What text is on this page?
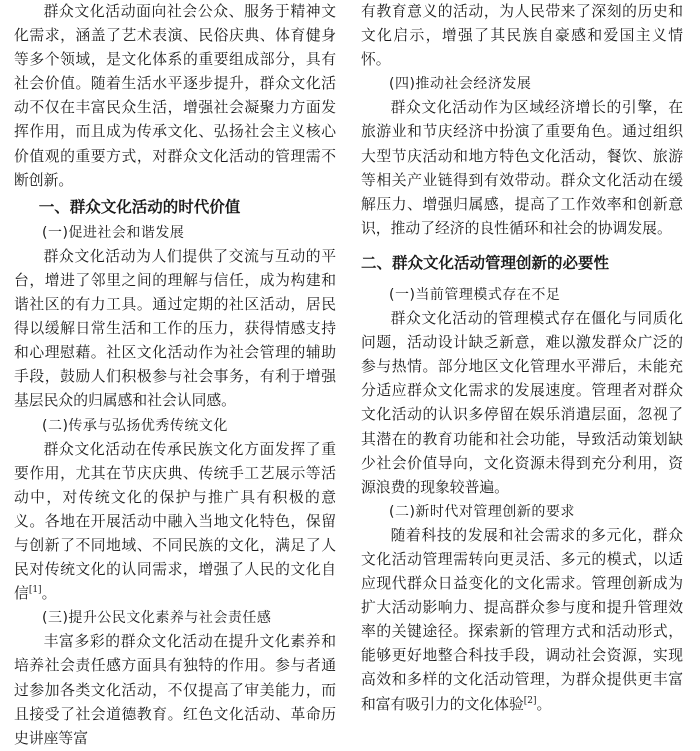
群众文化活动面向社会公众、服务于精神文化需求，涵盖了艺术表演、民俗庆典、体育健身等多个领域，是文化体系的重要组成部分，具有社会价值。随着生活水平逐步提升，群众文化活动不仅在丰富民众生活，增强社会凝聚力方面发挥作用，而且成为传承文化、弘扬社会主义核心价值观的重要方式，对群众文化活动的管理需不断创新。

一、群众文化活动的时代价值

(一)促进社会和谐发展

群众文化活动为人们提供了交流与互动的平台，增进了邻里之间的理解与信任，成为构建和谐社区的有力工具。通过定期的社区活动，居民得以缓解日常生活和工作的压力，获得情感支持和心理慰藉。社区文化活动作为社会管理的辅助手段，鼓励人们积极参与社会事务，有利于增强基层民众的归属感和社会认同感。

(二)传承与弘扬优秀传统文化

群众文化活动在传承民族文化方面发挥了重要作用，尤其在节庆庆典、传统手工艺展示等活动中，对传统文化的保护与推广具有积极的意义。各地在开展活动中融入当地文化特色，保留与创新了不同地域、不同民族的文化，满足了人民对传统文化的认同需求，增强了人民的文化自信[1]。

(三)提升公民文化素养与社会责任感

丰富多彩的群众文化活动在提升文化素养和培养社会责任感方面具有独特的作用。参与者通过参加各类文化活动，不仅提高了审美能力，而且接受了社会道德教育。红色文化活动、革命历史讲座等富

有教育意义的活动，为人民带来了深刻的历史和文化启示，增强了其民族自豪感和爱国主义情怀。

(四)推动社会经济发展

群众文化活动作为区域经济增长的引擎，在旅游业和节庆经济中扮演了重要角色。通过组织大型节庆活动和地方特色文化活动，餐饮、旅游等相关产业链得到有效带动。群众文化活动在缓解压力、增强归属感，提高了工作效率和创新意识，推动了经济的良性循环和社会的协调发展。

二、群众文化活动管理创新的必要性

(一)当前管理模式存在不足

群众文化活动的管理模式存在僵化与同质化问题，活动设计缺乏新意，难以激发群众广泛的参与热情。部分地区文化管理水平滞后，未能充分适应群众文化需求的发展速度。管理者对群众文化活动的认识多停留在娱乐消遣层面，忽视了其潜在的教育功能和社会功能，导致活动策划缺少社会价值导向，文化资源未得到充分利用，资源浪费的现象较普遍。

(二)新时代对管理创新的要求

随着科技的发展和社会需求的多元化，群众文化活动管理需转向更灵活、多元的模式，以适应现代群众日益变化的文化需求。管理创新成为扩大活动影响力、提高群众参与度和提升管理效率的关键途径。探索新的管理方式和活动形式，能够更好地整合科技手段，调动社会资源，实现高效和多样的文化活动管理，为群众提供更丰富和富有吸引力的文化体验[2]。
